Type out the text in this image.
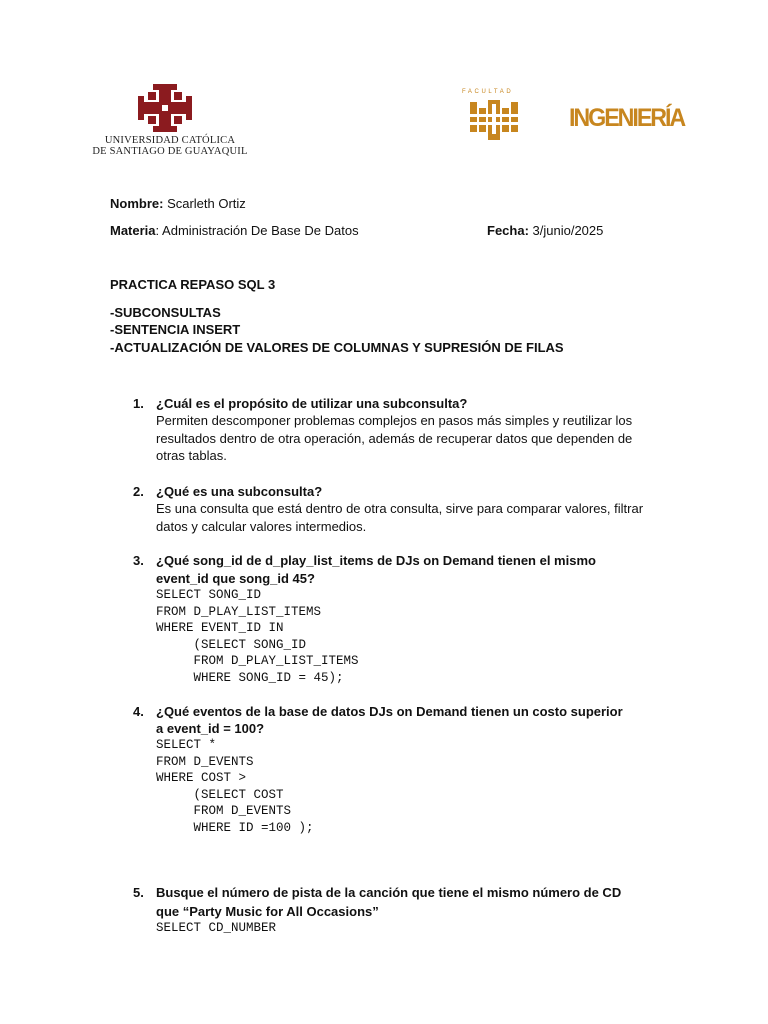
UNIVERSIDAD CATÓLICA
DE SANTIAGO DE GUAYAQUIL
FACULTAD
INGENIERÍA
Nombre: Scarleth Ortiz
Materia: Administración De Base De Datos	Fecha: 3/junio/2025
PRACTICA REPASO SQL 3
-SUBCONSULTAS
-SENTENCIA INSERT
-ACTUALIZACIÓN DE VALORES DE COLUMNAS Y SUPRESIÓN DE FILAS
1. ¿Cuál es el propósito de utilizar una subconsulta?
Permiten descomponer problemas complejos en pasos más simples y reutilizar los
resultados dentro de otra operación, además de recuperar datos que dependen de
otras tablas.
2. ¿Qué es una subconsulta?
Es una consulta que está dentro de otra consulta, sirve para comparar valores, filtrar
datos y calcular valores intermedios.
3. ¿Qué song_id de d_play_list_items de DJs on Demand tienen el mismo
event_id que song_id 45?
SELECT SONG_ID
FROM D_PLAY_LIST_ITEMS
WHERE EVENT_ID IN
(SELECT SONG_ID
FROM D_PLAY_LIST_ITEMS
WHERE SONG_ID = 45);
4. ¿Qué eventos de la base de datos DJs on Demand tienen un costo superior
a event_id = 100?
SELECT *
FROM D_EVENTS
WHERE COST >
(SELECT COST
FROM D_EVENTS
WHERE ID =100 );
5. Busque el número de pista de la canción que tiene el mismo número de CD
que “Party Music for All Occasions”
SELECT CD_NUMBER
